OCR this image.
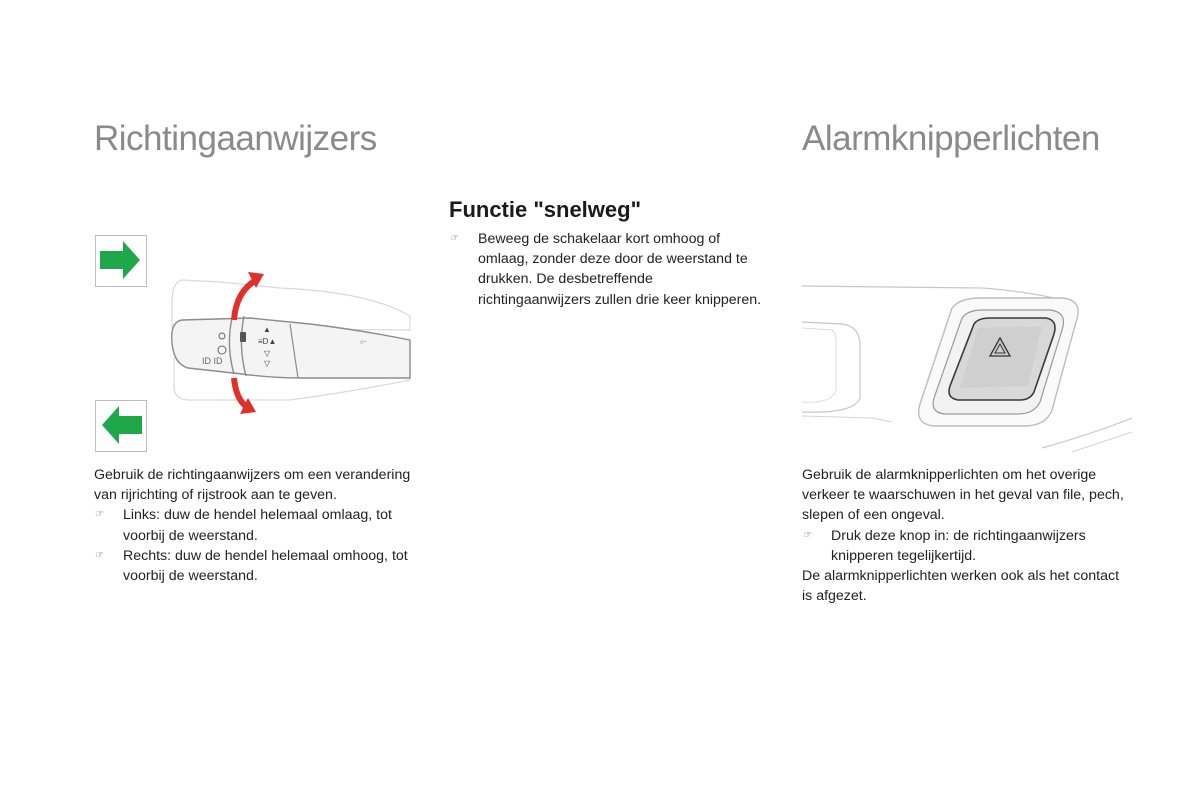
Richtingaanwijzers
ID ID
▲
≡D▲
▽
▽
⟜
Gebruik de richtingaanwijzers om een verandering van rijrichting of rijstrook aan te geven.
☞	Links: duw de hendel helemaal omlaag, tot voorbij de weerstand.
☞	Rechts: duw de hendel helemaal omhoog, tot voorbij de weerstand.
Functie "snelweg"
☞	Beweeg de schakelaar kort omhoog of omlaag, zonder deze door de weerstand te drukken. De desbetreffende richtingaanwijzers zullen drie keer knipperen.
Alarmknipperlichten
Gebruik de alarmknipperlichten om het overige verkeer te waarschuwen in het geval van file, pech, slepen of een ongeval.
☞	Druk deze knop in: de richtingaanwijzers knipperen tegelijkertijd.
De alarmknipperlichten werken ook als het contact is afgezet.
